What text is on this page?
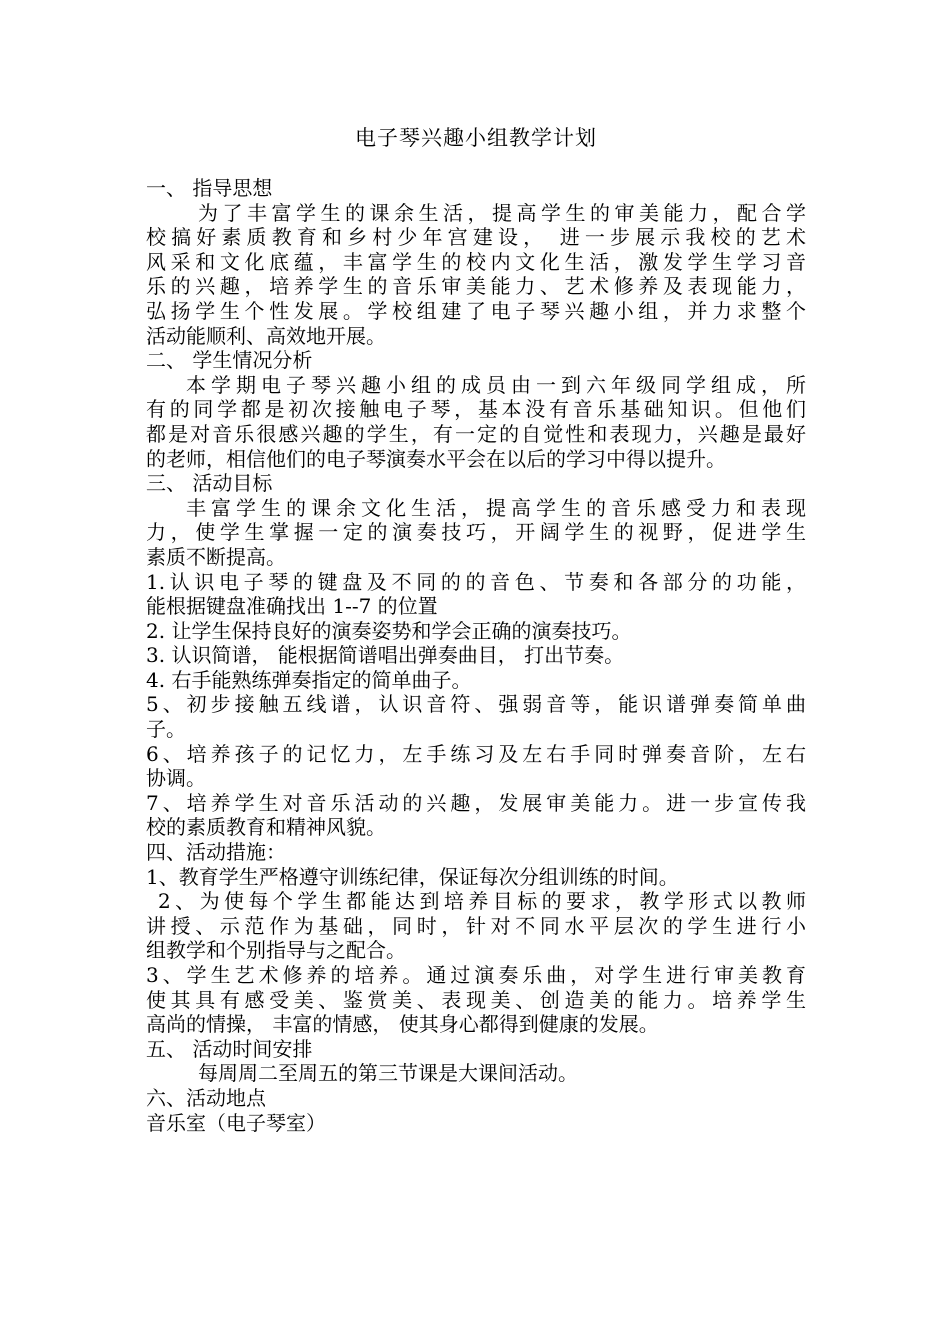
电子琴兴趣小组教学计划

一、 指导思想

为了丰富学生的课余生活，提高学生的审美能力，配合学

校搞好素质教育和乡村少年宫建设， 进一步展示我校的艺术

风采和文化底蕴，丰富学生的校内文化生活，激发学生学习音

乐的兴趣，培养学生的音乐审美能力、艺术修养及表现能力，

弘扬学生个性发展。学校组建了电子琴兴趣小组，并力求整个

活动能顺利、高效地开展。

二、 学生情况分析

本学期电子琴兴趣小组的成员由一到六年级同学组成，所

有的同学都是初次接触电子琴，基本没有音乐基础知识。但他们

都是对音乐很感兴趣的学生，有一定的自觉性和表现力，兴趣是最好

的老师，相信他们的电子琴演奏水平会在以后的学习中得以提升。

三、 活动目标

丰富学生的课余文化生活，提高学生的音乐感受力和表现

力，使学生掌握一定的演奏技巧，开阔学生的视野，促进学生

素质不断提高。

1.认识电子琴的键盘及不同的的音色、节奏和各部分的功能，

能根据键盘准确找出 1--7 的位置

2. 让学生保持良好的演奏姿势和学会正确的演奏技巧。

3. 认识简谱， 能根据简谱唱出弹奏曲目， 打出节奏。

4. 右手能熟练弹奏指定的简单曲子。

5、初步接触五线谱，认识音符、强弱音等，能识谱弹奏简单曲

子。

6、培养孩子的记忆力，左手练习及左右手同时弹奏音阶，左右

协调。

7、培养学生对音乐活动的兴趣，发展审美能力。进一步宣传我

校的素质教育和精神风貌。

四、活动措施：

1、教育学生严格遵守训练纪律，保证每次分组训练的时间。

2、为使每个学生都能达到培养目标的要求，教学形式以教师

讲授、示范作为基础，同时，针对不同水平层次的学生进行小

组教学和个别指导与之配合。

3、学生艺术修养的培养。通过演奏乐曲，对学生进行审美教育

使其具有感受美、鉴赏美、表现美、创造美的能力。培养学生

高尚的情操， 丰富的情感， 使其身心都得到健康的发展。

五、 活动时间安排

每周周二至周五的第三节课是大课间活动。

六、活动地点

音乐室（电子琴室）
